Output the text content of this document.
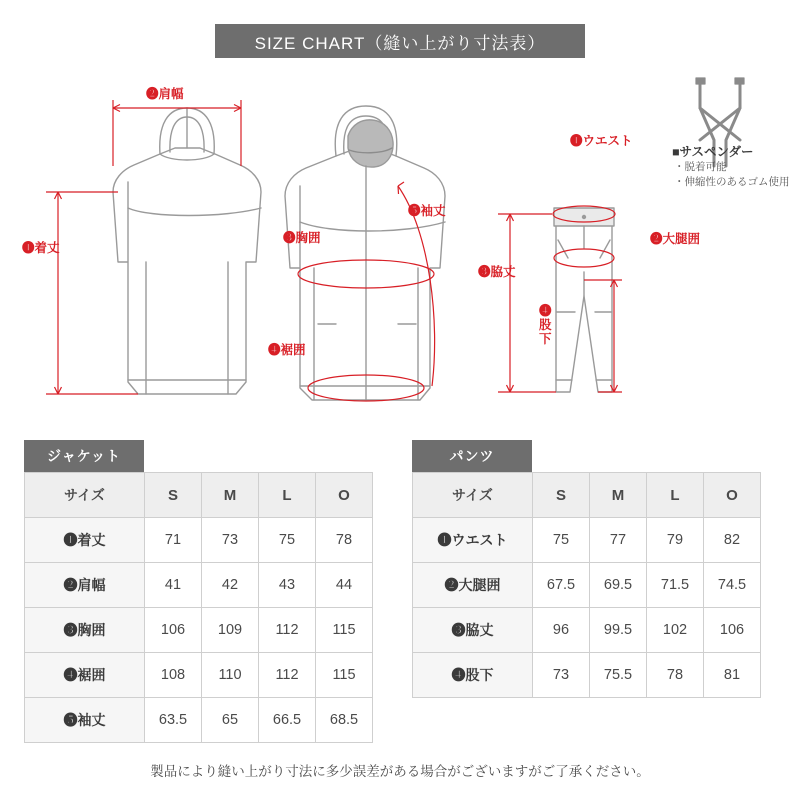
SIZE CHART（縫い上がり寸法表）
❷肩幅
❶着丈
❸胸囲
❹裾囲
❺袖丈
❶ウエスト
❷大腿囲
❸脇丈
❹股下
■サスペンダー
・脱着可能
・伸縮性のあるゴム使用
ジャケット
サイズ	S	M	L	O
❶着丈	71	73	75	78
❷肩幅	41	42	43	44
❸胸囲	106	109	112	115
❹裾囲	108	110	112	115
❺袖丈	63.5	65	66.5	68.5
パンツ
サイズ	S	M	L	O
❶ウエスト	75	77	79	82
❷大腿囲	67.5	69.5	71.5	74.5
❸脇丈	96	99.5	102	106
❹股下	73	75.5	78	81
製品により縫い上がり寸法に多少誤差がある場合がございますがご了承ください。
